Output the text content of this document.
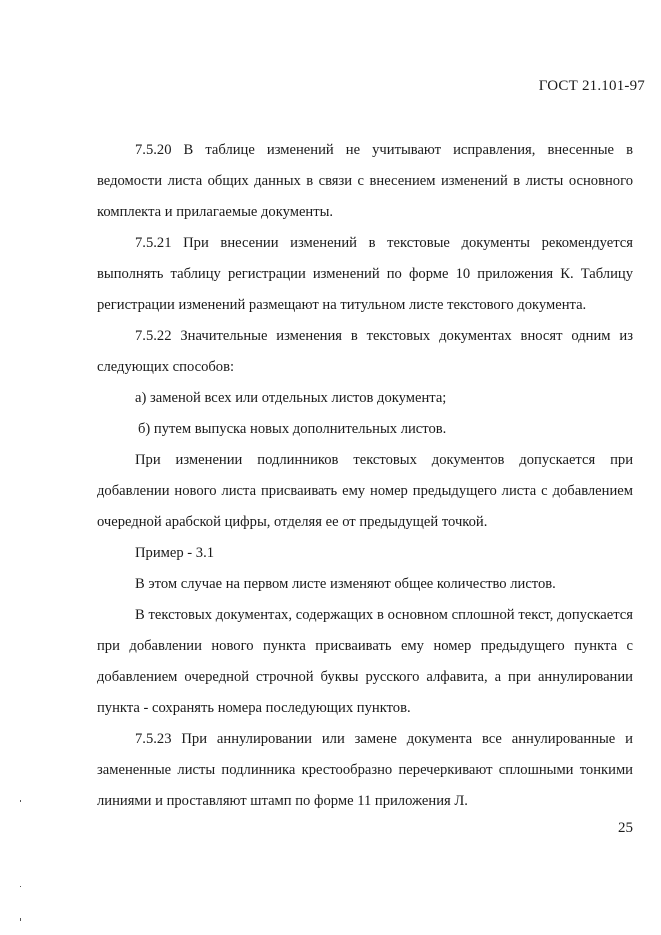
ГОСТ 21.101-97

7.5.20 В таблице изменений не учитывают исправления, внесенные в ведомости листа общих данных в связи с внесением изменений в листы основного комплекта и прилагаемые документы.

7.5.21 При внесении изменений в текстовые документы рекомендуется выполнять таблицу регистрации изменений по форме 10 приложения К. Таблицу регистрации изменений размещают на титульном листе текстового документа.

7.5.22 Значительные изменения в текстовых документах вносят одним из следующих способов:

а) заменой всех или отдельных листов документа;

б) путем выпуска новых дополнительных листов.

При изменении подлинников текстовых документов допускается при добавлении нового листа присваивать ему номер предыдущего листа с добавлением очередной арабской цифры, отделяя ее от предыдущей точкой.

Пример - 3.1

В этом случае на первом листе изменяют общее количество листов.

В текстовых документах, содержащих в основном сплошной текст, допускается при добавлении нового пункта присваивать ему номер предыдущего пункта с добавлением очередной строчной буквы русского алфавита, а при аннулировании пункта - сохранять номера последующих пунктов.

7.5.23 При аннулировании или замене документа все аннулированные и замененные листы подлинника крестообразно перечеркивают сплошными тонкими линиями и проставляют штамп по форме 11 приложения Л.

25
